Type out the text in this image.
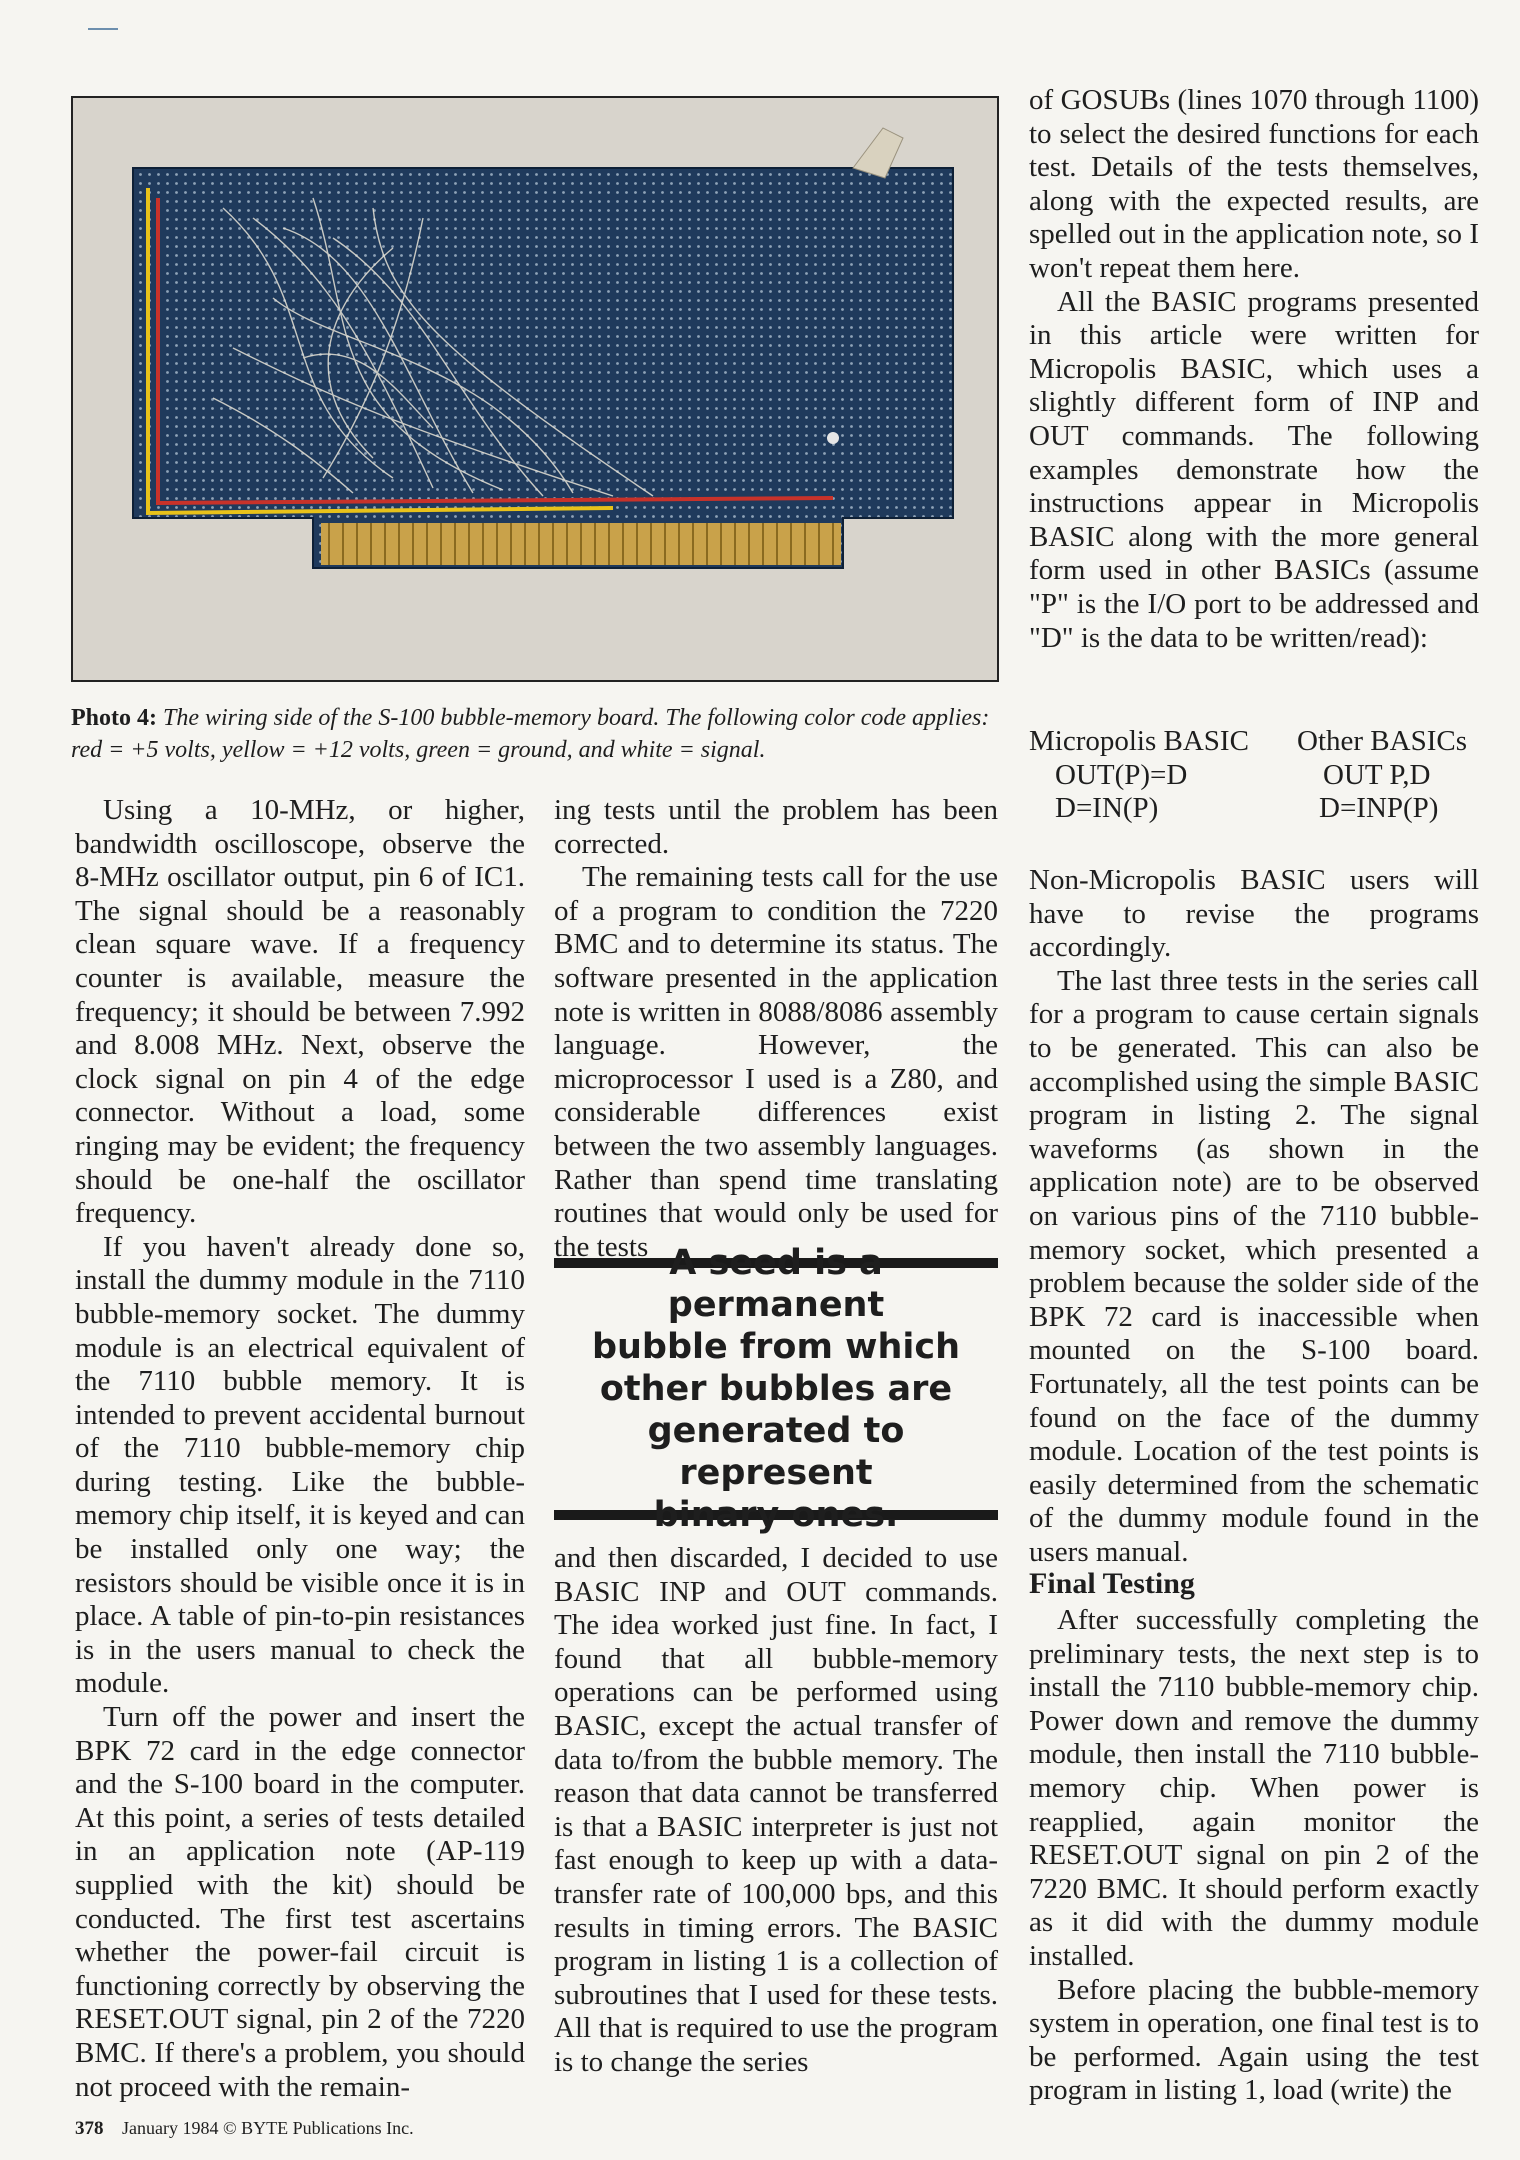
Photo 4: The wiring side of the S-100 bubble-memory board. The following color code applies: red = +5 volts, yellow = +12 volts, green = ground, and white = signal.

Using a 10-MHz, or higher, bandwidth oscilloscope, observe the 8-MHz oscillator output, pin 6 of IC1. The signal should be a reasonably clean square wave. If a frequency counter is available, measure the frequency; it should be between 7.992 and 8.008 MHz. Next, observe the clock signal on pin 4 of the edge connector. Without a load, some ringing may be evident; the frequency should be one-half the oscillator frequency.

If you haven't already done so, install the dummy module in the 7110 bubble-memory socket. The dummy module is an electrical equivalent of the 7110 bubble memory. It is intended to prevent accidental burnout of the 7110 bubble-memory chip during testing. Like the bubble-memory chip itself, it is keyed and can be installed only one way; the resistors should be visible once it is in place. A table of pin-to-pin resistances is in the users manual to check the module.

Turn off the power and insert the BPK 72 card in the edge connector and the S-100 board in the computer. At this point, a series of tests detailed in an application note (AP-119 supplied with the kit) should be conducted. The first test ascertains whether the power-fail circuit is functioning correctly by observing the RESET.OUT signal, pin 2 of the 7220 BMC. If there's a problem, you should not proceed with the remain-

ing tests until the problem has been corrected.

The remaining tests call for the use of a program to condition the 7220 BMC and to determine its status. The software presented in the application note is written in 8088/8086 assembly language. However, the microprocessor I used is a Z80, and considerable differences exist between the two assembly languages. Rather than spend time translating routines that would only be used for the tests A seed is a permanent
bubble from which
other bubbles are
generated to represent
binary ones.

and then discarded, I decided to use BASIC INP and OUT commands. The idea worked just fine. In fact, I found that all bubble-memory operations can be performed using BASIC, except the actual transfer of data to/from the bubble memory. The reason that data cannot be transferred is that a BASIC interpreter is just not fast enough to keep up with a data-transfer rate of 100,000 bps, and this results in timing errors. The BASIC program in listing 1 is a collection of subroutines that I used for these tests. All that is required to use the program is to change the series

of GOSUBs (lines 1070 through 1100) to select the desired functions for each test. Details of the tests themselves, along with the expected results, are spelled out in the application note, so I won't repeat them here.

All the BASIC programs presented in this article were written for Micropolis BASIC, which uses a slightly different form of INP and OUT commands. The following examples demonstrate how the instructions appear in Micropolis BASIC along with the more general form used in other BASICs (assume "P" is the I/O port to be addressed and "D" is the data to be written/read):

Micropolis BASIC
OUT(P)=D
D=IN(P)
Other BASICs
OUT P,D
D=INP(P)

Non-Micropolis BASIC users will have to revise the programs accordingly.

The last three tests in the series call for a program to cause certain signals to be generated. This can also be accomplished using the simple BASIC program in listing 2. The signal waveforms (as shown in the application note) are to be observed on various pins of the 7110 bubble-memory socket, which presented a problem because the solder side of the BPK 72 card is inaccessible when mounted on the S-100 board. Fortunately, all the test points can be found on the face of the dummy module. Location of the test points is easily determined from the schematic of the dummy module found in the users manual.

Final Testing

After successfully completing the preliminary tests, the next step is to install the 7110 bubble-memory chip. Power down and remove the dummy module, then install the 7110 bubble-memory chip. When power is reapplied, again monitor the RESET.OUT signal on pin 2 of the 7220 BMC. It should perform exactly as it did with the dummy module installed.

Before placing the bubble-memory system in operation, one final test is to be performed. Again using the test program in listing 1, load (write) the

378 January 1984 © BYTE Publications Inc.
